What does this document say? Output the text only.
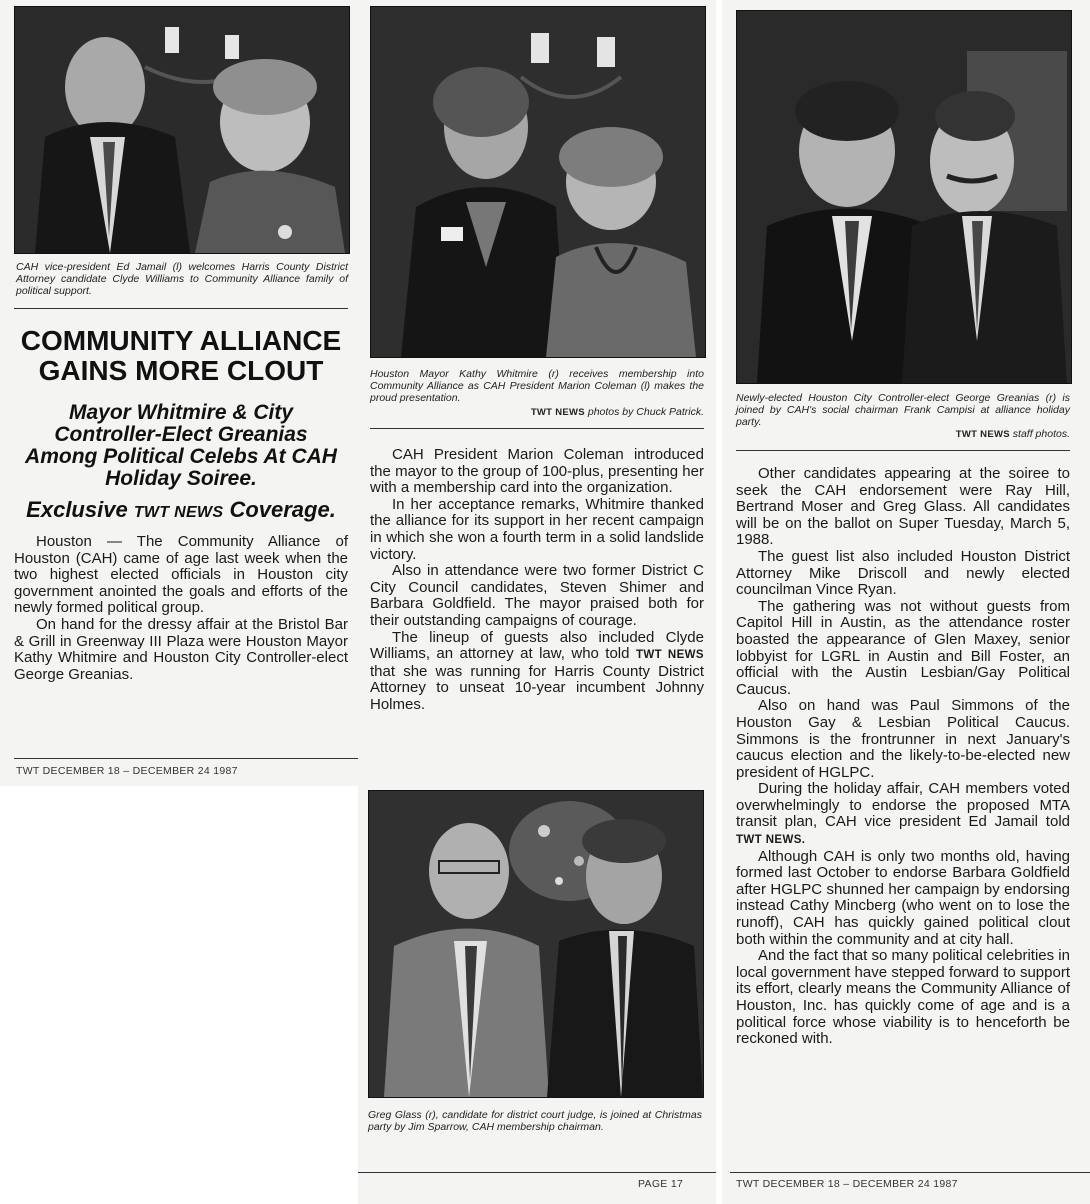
CAH vice-president Ed Jamail (l) welcomes Harris County District Attorney candidate Clyde Williams to Community Alliance family of political support.
COMMUNITY ALLIANCE GAINS MORE CLOUT
Mayor Whitmire & City Controller-Elect Greanias Among Political Celebs At CAH Holiday Soiree.
Exclusive TWT NEWS Coverage.

Houston — The Community Alliance of Houston (CAH) came of age last week when the two highest elected officials in Houston city government anointed the goals and efforts of the newly formed political group.

On hand for the dressy affair at the Bristol Bar & Grill in Greenway III Plaza were Houston Mayor Kathy Whitmire and Houston City Controller-elect George Greanias.

TWT DECEMBER 18 – DECEMBER 24 1987
Houston Mayor Kathy Whitmire (r) receives membership into Community Alliance as CAH President Marion Coleman (l) makes the proud presentation.
TWT NEWS photos by Chuck Patrick.

CAH President Marion Coleman introduced the mayor to the group of 100-plus, presenting her with a membership card into the organization.

In her acceptance remarks, Whitmire thanked the alliance for its support in her recent campaign in which she won a fourth term in a solid landslide victory.

Also in attendance were two former District C City Council candidates, Steven Shimer and Barbara Goldfield. The mayor praised both for their outstanding campaigns of courage.

The lineup of guests also included Clyde Williams, an attorney at law, who told TWT NEWS that she was running for Harris County District Attorney to unseat 10-year incumbent Johnny Holmes.

Greg Glass (r), candidate for district court judge, is joined at Christmas party by Jim Sparrow, CAH membership chairman.
PAGE 17
Newly-elected Houston City Controller-elect George Greanias (r) is joined by CAH's social chairman Frank Campisi at alliance holiday party.
TWT NEWS staff photos.

Other candidates appearing at the soiree to seek the CAH endorsement were Ray Hill, Bertrand Moser and Greg Glass. All candidates will be on the ballot on Super Tuesday, March 5, 1988.

The guest list also included Houston District Attorney Mike Driscoll and newly elected councilman Vince Ryan.

The gathering was not without guests from Capitol Hill in Austin, as the attendance roster boasted the appearance of Glen Maxey, senior lobbyist for LGRL in Austin and Bill Foster, an official with the Austin Lesbian/Gay Political Caucus.

Also on hand was Paul Simmons of the Houston Gay & Lesbian Political Caucus. Simmons is the frontrunner in next January's caucus election and the likely-to-be-elected new president of HGLPC.

During the holiday affair, CAH members voted overwhelmingly to endorse the proposed MTA transit plan, CAH vice president Ed Jamail told TWT NEWS.

Although CAH is only two months old, having formed last October to endorse Barbara Goldfield after HGLPC shunned her campaign by endorsing instead Cathy Mincberg (who went on to lose the runoff), CAH has quickly gained political clout both within the community and at city hall.

And the fact that so many political celebrities in local government have stepped forward to support its effort, clearly means the Community Alliance of Houston, Inc. has quickly come of age and is a political force whose viability is to henceforth be reckoned with.

TWT DECEMBER 18 – DECEMBER 24 1987
